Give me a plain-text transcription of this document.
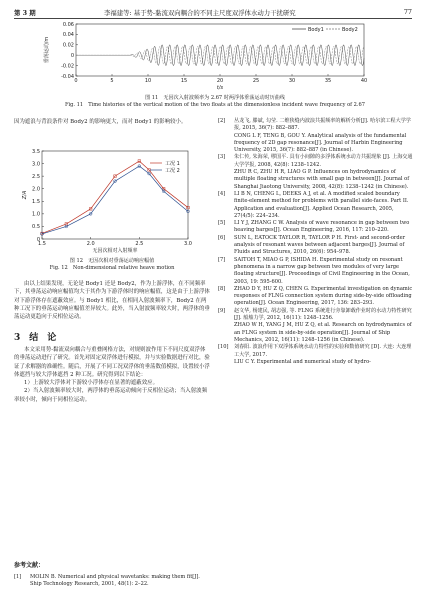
第 3 期	李福建等: 基于势-黏流双向耦合的不同主尺度双浮体水动力干扰研究	77
0.06
0.04
0.02
0
-0.02
-0.04
0	5	10	15	20	25	30	35	40
t/s
垂荡运动/m
Body1	Body2
图 11　无因次入射波频率为 2.67 时两浮体垂荡运动时历曲线
Fig. 11　Time histories of the vertical motion of the two floats at the dimensionless incident wave frequency of 2.67

因为遮浪与背浪条件对 Body2 的影响更大，而对 Body1 的影响较小。

3.5
3.0
2.5
2.0
1.5
1.0
0.5
0
1.5	2.0	2.5	3.0
无因次相对入射频率
Z/A
工况 1
工况 2
图 12　无因次相对垂荡运动响应幅值
Fig. 12　Non-dimensional relative heave motion

由以上结果发现，无论是 Body1 还是 Body2，作为上游浮体，在不同频率下，其垂荡运动响应幅值均大于其作为下游浮体时的响应幅值，这是由于上游浮体对下游浮体存在遮蔽效应。与 Body1 相比，在相同入射波频率下，Body2 在两种工况下的垂荡运动响应幅值差异较大。此外，当入射波频率较大时，两浮体的垂荡运动更趋向于反相位运动。

3　结　论

本文采用势-黏流双向耦合与重叠网格方法，对规则波作用下不同尺度双浮体的垂荡运动进行了研究。首先对固定双浮体进行模拟，并与实验数据进行对比，验证了求解器的准确性。随后，开展了不同工况双浮体的垂荡数值模拟，设置较小浮体遮挡与较大浮体遮挡 2 种工况。研究得到以下结论：

1）上游较大浮体对下游较小浮体存在显著的遮蔽效应。

2）当入射波频率较大时，两浮体的垂荡运动倾向于反相位运动；当入射波频率较小时，倾向于同相位运动。

参考文献：
[1]	MOLIN B. Numerical and physical wavetanks: making them fit[J]. Ship Technology Research, 2001, 48(1): 2–22.
[2]	丛龙飞, 滕斌, 勾莹. 二维狭缝内波浪共振频率的解析分析[J]. 哈尔滨工程大学学报, 2015, 36(7): 882–887.
CONG L F, TENG B, GOU Y. Analytical analysis of the fundamental frequency of 2D gap resonance[J]. Journal of Harbin Engineering University, 2015, 36(7): 882–887 (in Chinese).
[3]	朱仁传, 朱海荣, 缪国平. 具有小间隙的多浮体系统水动力共振现象 [J]. 上海交通大学学报, 2008, 42(8): 1238–1242.
ZHU R C, ZHU H R, LIAO G P. Influences on hydrodynamics of multiple floating structures with small gap in between[J]. Journal of Shanghai Jiaotong University, 2008, 42(8): 1238–1242 (in Chinese).
[4]	LI B N, CHENG L, DEEKS A J, et al. A modified scaled boundary finite-element method for problems with parallel side-faces. Part II. Application and evaluation[J]. Applied Ocean Research, 2005, 27(4/5): 224–234.
[5]	LI Y J, ZHANG C W. Analysis of wave resonance in gap between two heaving barges[J]. Ocean Engineering, 2016, 117: 210–220.
[6]	SUN L, EATOCK TAYLOR R, TAYLOR P H. First- and second-order analysis of resonant waves between adjacent barges[J]. Journal of Fluids and Structures, 2010, 26(6): 954–978.
[7]	SAITOH T, MIAO G P, ISHIDA H. Experimental study on resonant phenomena in a narrow gap between two modules of very large floating structure[J]. Proceedings of Civil Engineering in the Ocean, 2003, 19: 595-600.
[8]	ZHAO D Y, HU Z Q, CHEN G. Experimental investigation on dynamic responses of FLNG connection system during side-by-side offloading operation[J]. Ocean Engineering, 2017, 136: 283–293.
[9]	赵文华, 杨建民, 胡志强, 等. FLNG 系统进行旁靠卸载作业时的水动力特性研究[J]. 船舶力学, 2012, 16(11): 1248–1256.
ZHAO W H, YANG J M, HU Z Q, et al. Research on hydrodynamics of an FLNG system in side-by-side operation[J]. Journal of Ship Mechanics, 2012, 16(11): 1248–1256 (in Chinese).
[10]	刘春阳. 波浪作用下双浮体系统水动力特性的实验和数值研究 [D]. 大连: 大连理工大学, 2017.
LIU C Y. Experimental and numerical study of hydro-
